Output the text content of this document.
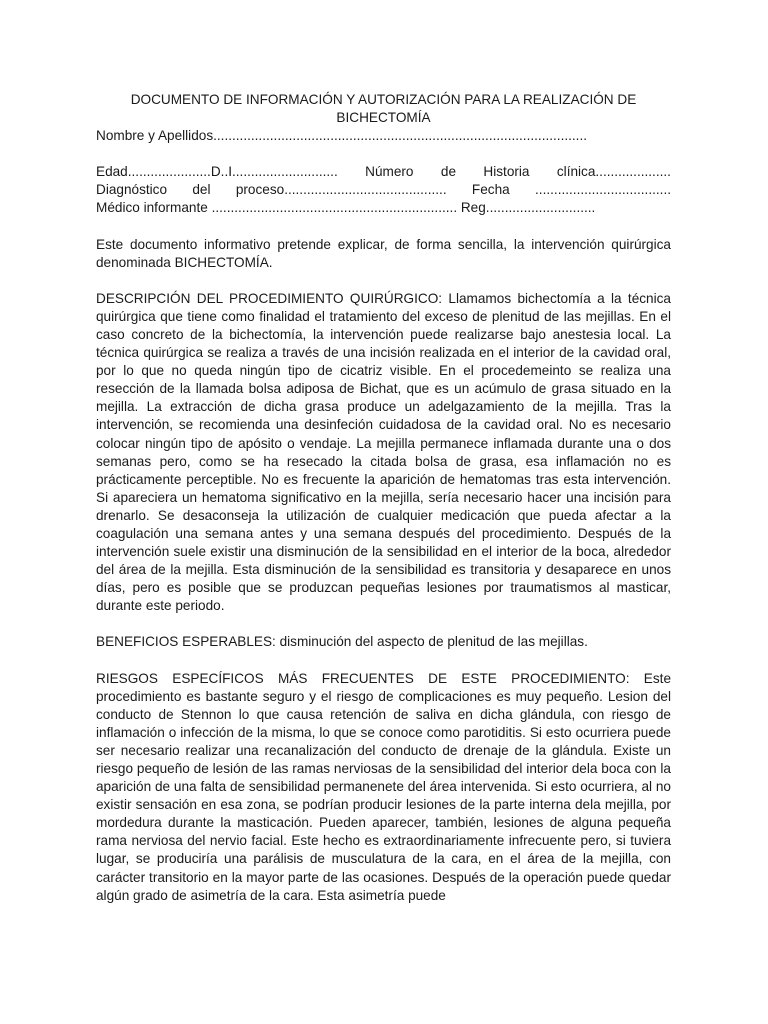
DOCUMENTO DE INFORMACIÓN Y AUTORIZACIÓN PARA LA REALIZACIÓN DE
BICHECTOMÍA
Nombre y Apellidos...................................................................................................
Edad......................D..I............................ Número de Historia clínica....................
Diagnóstico del proceso........................................... Fecha ....................................
Médico informante ................................................................. Reg.............................

Este documento informativo pretende explicar, de forma sencilla, la intervención quirúrgica denominada BICHECTOMÍA.

DESCRIPCIÓN DEL PROCEDIMIENTO QUIRÚRGICO: Llamamos bichectomía a la técnica quirúrgica que tiene como finalidad el tratamiento del exceso de plenitud de las mejillas. En el caso concreto de la bichectomía, la intervención puede realizarse bajo anestesia local. La técnica quirúrgica se realiza a través de una incisión realizada en el interior de la cavidad oral, por lo que no queda ningún tipo de cicatriz visible. En el procedemeinto se realiza una resección de la llamada bolsa adiposa de Bichat, que es un acúmulo de grasa situado en la mejilla. La extracción de dicha grasa produce un adelgazamiento de la mejilla. Tras la intervención, se recomienda una desinfeción cuidadosa de la cavidad oral. No es necesario colocar ningún tipo de apósito o vendaje. La mejilla permanece inflamada durante una o dos semanas pero, como se ha resecado la citada bolsa de grasa, esa inflamación no es prácticamente perceptible. No es frecuente la aparición de hematomas tras esta intervención. Si apareciera un hematoma significativo en la mejilla, sería necesario hacer una incisión para drenarlo. Se desaconseja la utilización de cualquier medicación que pueda afectar a la coagulación una semana antes y una semana después del procedimiento. Después de la intervención suele existir una disminución de la sensibilidad en el interior de la boca, alrededor del área de la mejilla. Esta disminución de la sensibilidad es transitoria y desaparece en unos días, pero es posible que se produzcan pequeñas lesiones por traumatismos al masticar, durante este periodo.

BENEFICIOS ESPERABLES: disminución del aspecto de plenitud de las mejillas.

RIESGOS ESPECÍFICOS MÁS FRECUENTES DE ESTE PROCEDIMIENTO: Este procedimiento es bastante seguro y el riesgo de complicaciones es muy pequeño. Lesion del conducto de Stennon lo que causa retención de saliva en dicha glándula, con riesgo de inflamación o infección de la misma, lo que se conoce como parotiditis. Si esto ocurriera puede ser necesario realizar una recanalización del conducto de drenaje de la glándula. Existe un riesgo pequeño de lesión de las ramas nerviosas de la sensibilidad del interior dela boca con la aparición de una falta de sensibilidad permanenete del área intervenida. Si esto ocurriera, al no existir sensación en esa zona, se podrían producir lesiones de la parte interna dela mejilla, por mordedura durante la masticación. Pueden aparecer, también, lesiones de alguna pequeña rama nerviosa del nervio facial. Este hecho es extraordinariamente infrecuente pero, si tuviera lugar, se produciría una parálisis de musculatura de la cara, en el área de la mejilla, con carácter transitorio en la mayor parte de las ocasiones. Después de la operación puede quedar algún grado de asimetría de la cara. Esta asimetría puede
